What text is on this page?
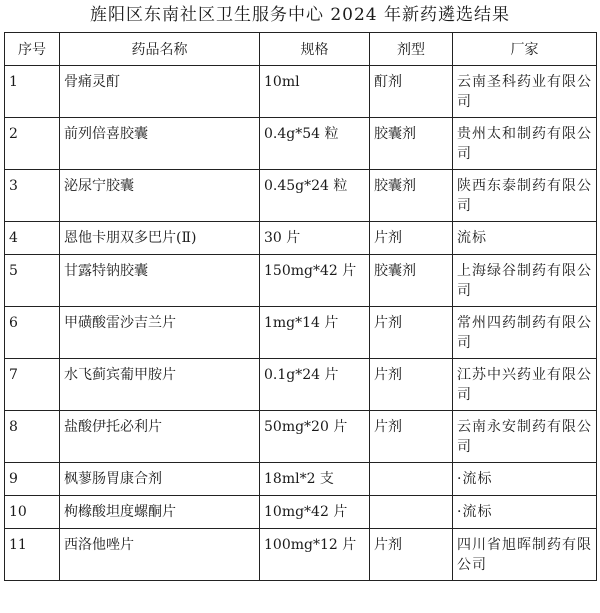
旌阳区东南社区卫生服务中心 2024 年新药遴选结果
序号	药品名称	规格	剂型	厂家
1	骨痛灵酊	10ml	酊剂	云南圣科药业有限公司
2	前列倍喜胶囊	0.4g*54 粒	胶囊剂	贵州太和制药有限公司
3	泌尿宁胶囊	0.45g*24 粒	胶囊剂	陕西东泰制药有限公司
4	恩他卡朋双多巴片(Ⅱ)	30 片	片剂	流标
5	甘露特钠胶囊	150mg*42 片	胶囊剂	上海绿谷制药有限公司
6	甲磺酸雷沙吉兰片	1mg*14 片	片剂	常州四药制药有限公司
7	水飞蓟宾葡甲胺片	0.1g*24 片	片剂	江苏中兴药业有限公司
8	盐酸伊托必利片	50mg*20 片	片剂	云南永安制药有限公司
9	枫蓼肠胃康合剂	18ml*2 支		·流标
10	枸橼酸坦度螺酮片	10mg*42 片		·流标
11	西洛他唑片	100mg*12 片	片剂	四川省旭晖制药有限公司
